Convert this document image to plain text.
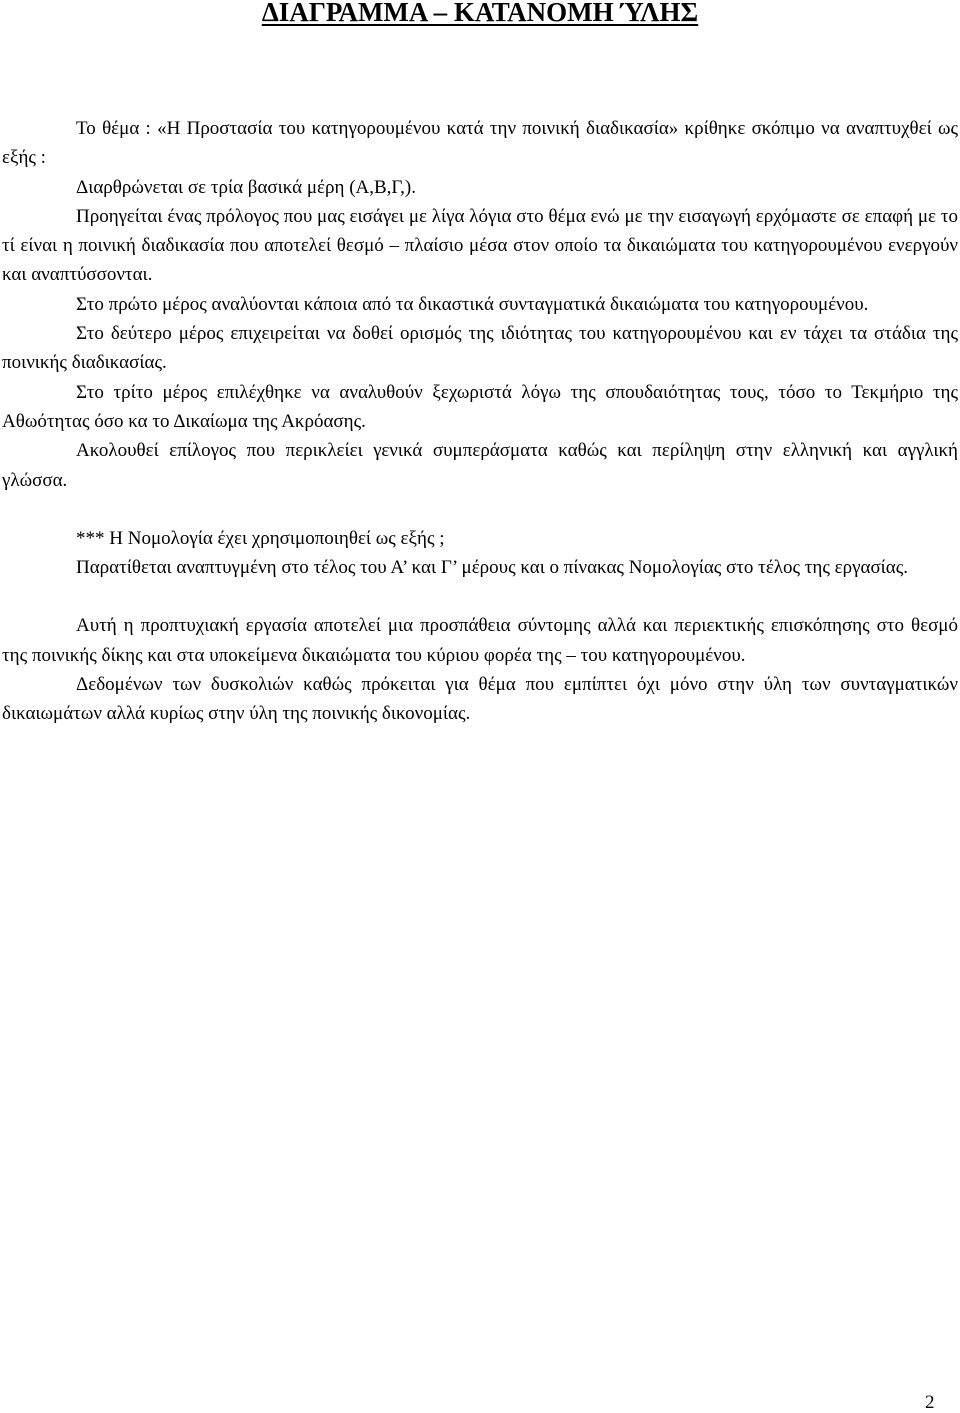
ΔΙΑΓΡΑΜΜΑ – ΚΑΤΑΝΟΜΗ ΎΛΗΣ

Το θέμα : «Η Προστασία του κατηγορουμένου κατά την ποινική διαδικασία» κρίθηκε σκόπιμο να αναπτυχθεί ως εξής :

Διαρθρώνεται σε τρία βασικά μέρη (Α,Β,Γ,).

Προηγείται ένας πρόλογος που μας εισάγει με λίγα λόγια στο θέμα ενώ με την εισαγωγή ερχόμαστε σε επαφή με το τί είναι η ποινική διαδικασία που αποτελεί θεσμό – πλαίσιο μέσα στον οποίο τα δικαιώματα του κατηγορουμένου ενεργούν και αναπτύσσονται.

Στο πρώτο μέρος αναλύονται κάποια από τα δικαστικά συνταγματικά δικαιώματα του κατηγορουμένου.

Στο δεύτερο μέρος επιχειρείται να δοθεί ορισμός της ιδιότητας του κατηγορουμένου και εν τάχει τα στάδια της ποινικής διαδικασίας.

Στο τρίτο μέρος επιλέχθηκε να αναλυθούν ξεχωριστά λόγω της σπουδαιότητας τους, τόσο το Τεκμήριο της Αθωότητας όσο κα το Δικαίωμα της Ακρόασης.

Ακολουθεί επίλογος που περικλείει γενικά συμπεράσματα καθώς και περίληψη στην ελληνική και αγγλική γλώσσα.

*** Η Νομολογία έχει χρησιμοποιηθεί ως εξής ;

Παρατίθεται αναπτυγμένη στο τέλος του Α’ και Γ’ μέρους και ο πίνακας Νομολογίας στο τέλος της εργασίας.

Αυτή η προπτυχιακή εργασία αποτελεί μια προσπάθεια σύντομης αλλά και περιεκτικής επισκόπησης στο θεσμό της ποινικής δίκης και στα υποκείμενα δικαιώματα του κύριου φορέα της – του κατηγορουμένου.

Δεδομένων των δυσκολιών καθώς πρόκειται για θέμα που εμπίπτει όχι μόνο στην ύλη των συνταγματικών δικαιωμάτων αλλά κυρίως στην ύλη της ποινικής δικονομίας.

2
